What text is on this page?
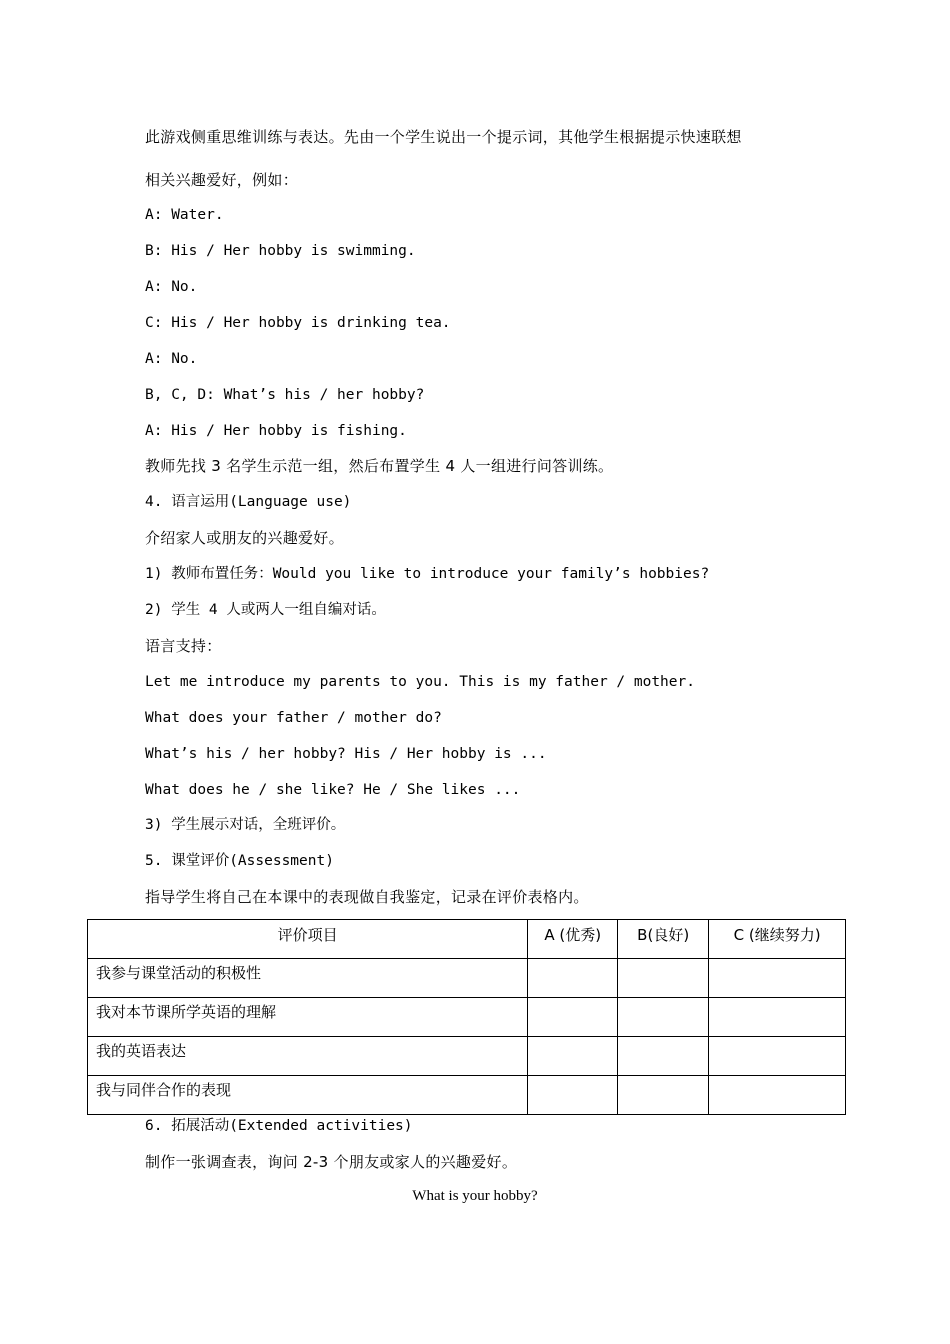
此游戏侧重思维训练与表达。先由一个学生说出一个提示词，其他学生根据提示快速联想
相关兴趣爱好，例如：
A: Water.
B: His / Her hobby is swimming.
A: No.
C: His / Her hobby is drinking tea.
A: No.
B, C, D: What’s his / her hobby?
A: His / Her hobby is fishing.
教师先找 3 名学生示范一组，然后布置学生 4 人一组进行问答训练。
4. 语言运用(Language use)
介绍家人或朋友的兴趣爱好。
1) 教师布置任务：Would you like to introduce your family’s hobbies?
2) 学生 4 人或两人一组自编对话。
语言支持：
Let me introduce my parents to you. This is my father / mother.
What does your father / mother do?
What’s his / her hobby? His / Her hobby is ...
What does he / she like? He / She likes ...
3) 学生展示对话，全班评价。
5. 课堂评价(Assessment)
指导学生将自己在本课中的表现做自我鉴定，记录在评价表格内。
评价项目	A (优秀)	B(良好)	C (继续努力)
我参与课堂活动的积极性			
我对本节课所学英语的理解			
我的英语表达			
我与同伴合作的表现			
6. 拓展活动(Extended activities)
制作一张调查表，询问 2-3 个朋友或家人的兴趣爱好。
What is your hobby?
